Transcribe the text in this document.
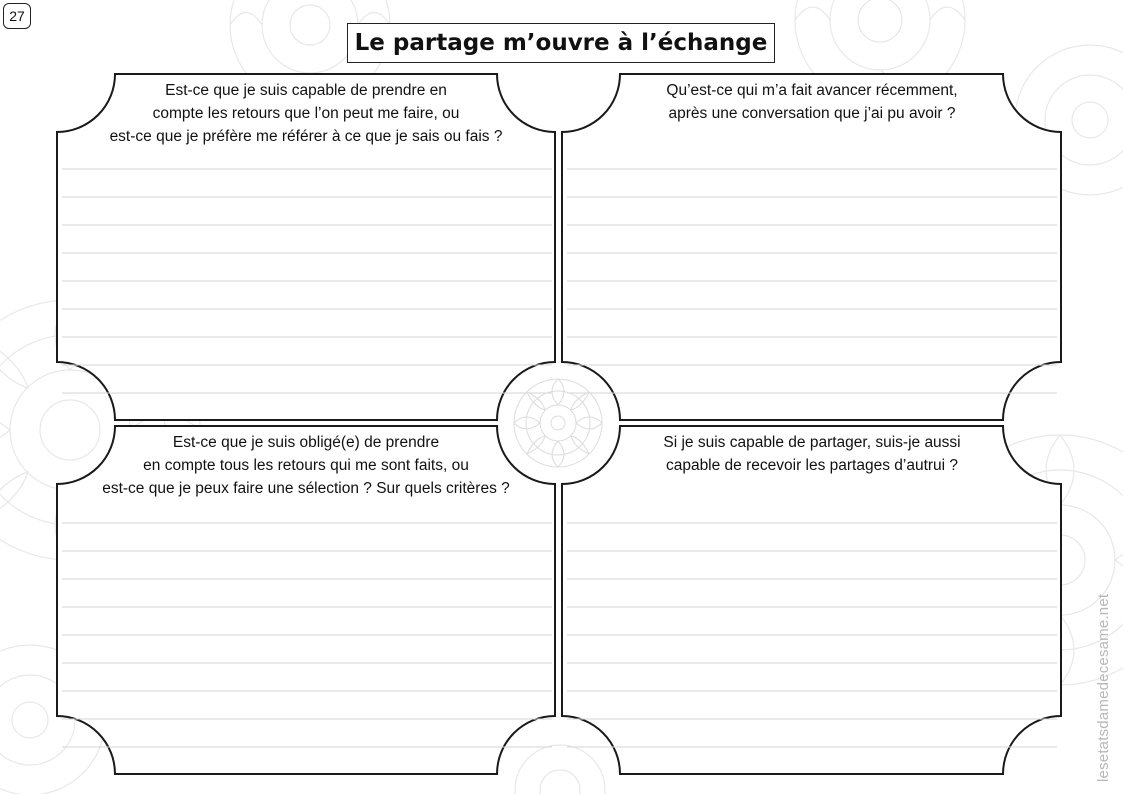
27
Le partage m’ouvre à l’échange

Est-ce que je suis capable de prendre en
compte les retours que l’on peut me faire, ou
est-ce que je préfère me référer à ce que je sais ou fais ?

Qu’est-ce qui m’a fait avancer récemment,
après une conversation que j’ai pu avoir ?

Est-ce que je suis obligé(e) de prendre
en compte tous les retours qui me sont faits, ou
est-ce que je peux faire une sélection ? Sur quels critères ?

Si je suis capable de partager, suis-je aussi
capable de recevoir les partages d’autrui ?

lesetatsdamedecesame.net
